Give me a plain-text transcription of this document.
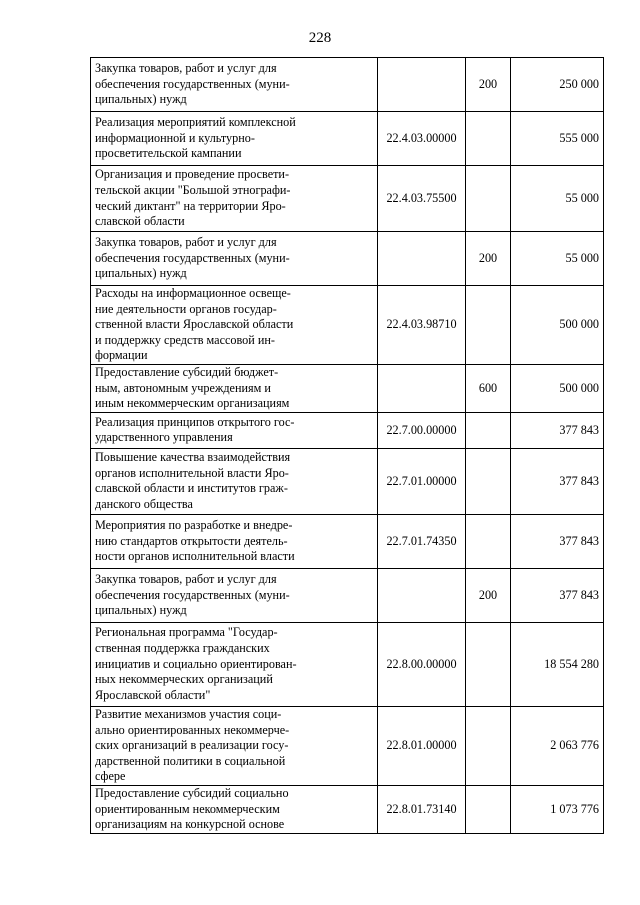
228
Закупка товаров, работ и услуг для
обеспечения государственных (муни-
ципальных) нужд		200	250 000

Реализация мероприятий комплексной
информационной и культурно-
просветительской кампании	22.4.03.00000		555 000

Организация и проведение просвети-
тельской акции "Большой этнографи-
ческий диктант" на территории Яро-
славской области	22.4.03.75500		55 000

Закупка товаров, работ и услуг для
обеспечения государственных (муни-
ципальных) нужд		200	55 000

Расходы на информационное освеще-
ние деятельности органов государ-
ственной власти Ярославской области
и поддержку средств массовой ин-
формации	22.4.03.98710		500 000

Предоставление субсидий бюджет-
ным, автономным учреждениям и
иным некоммерческим организациям		600	500 000

Реализация принципов открытого гос-
ударственного управления	22.7.00.00000		377 843

Повышение качества взаимодействия
органов исполнительной власти Яро-
славской области и институтов граж-
данского общества	22.7.01.00000		377 843

Мероприятия по разработке и внедре-
нию стандартов открытости деятель-
ности органов исполнительной власти	22.7.01.74350		377 843

Закупка товаров, работ и услуг для
обеспечения государственных (муни-
ципальных) нужд		200	377 843

Региональная программа "Государ-
ственная поддержка гражданских
инициатив и социально ориентирован-
ных некоммерческих организаций
Ярославской области"	22.8.00.00000		18 554 280

Развитие механизмов участия соци-
ально ориентированных некоммерче-
ских организаций в реализации госу-
дарственной политики в социальной
сфере	22.8.01.00000		2 063 776

Предоставление субсидий социально
ориентированным некоммерческим
организациям на конкурсной основе	22.8.01.73140		1 073 776
